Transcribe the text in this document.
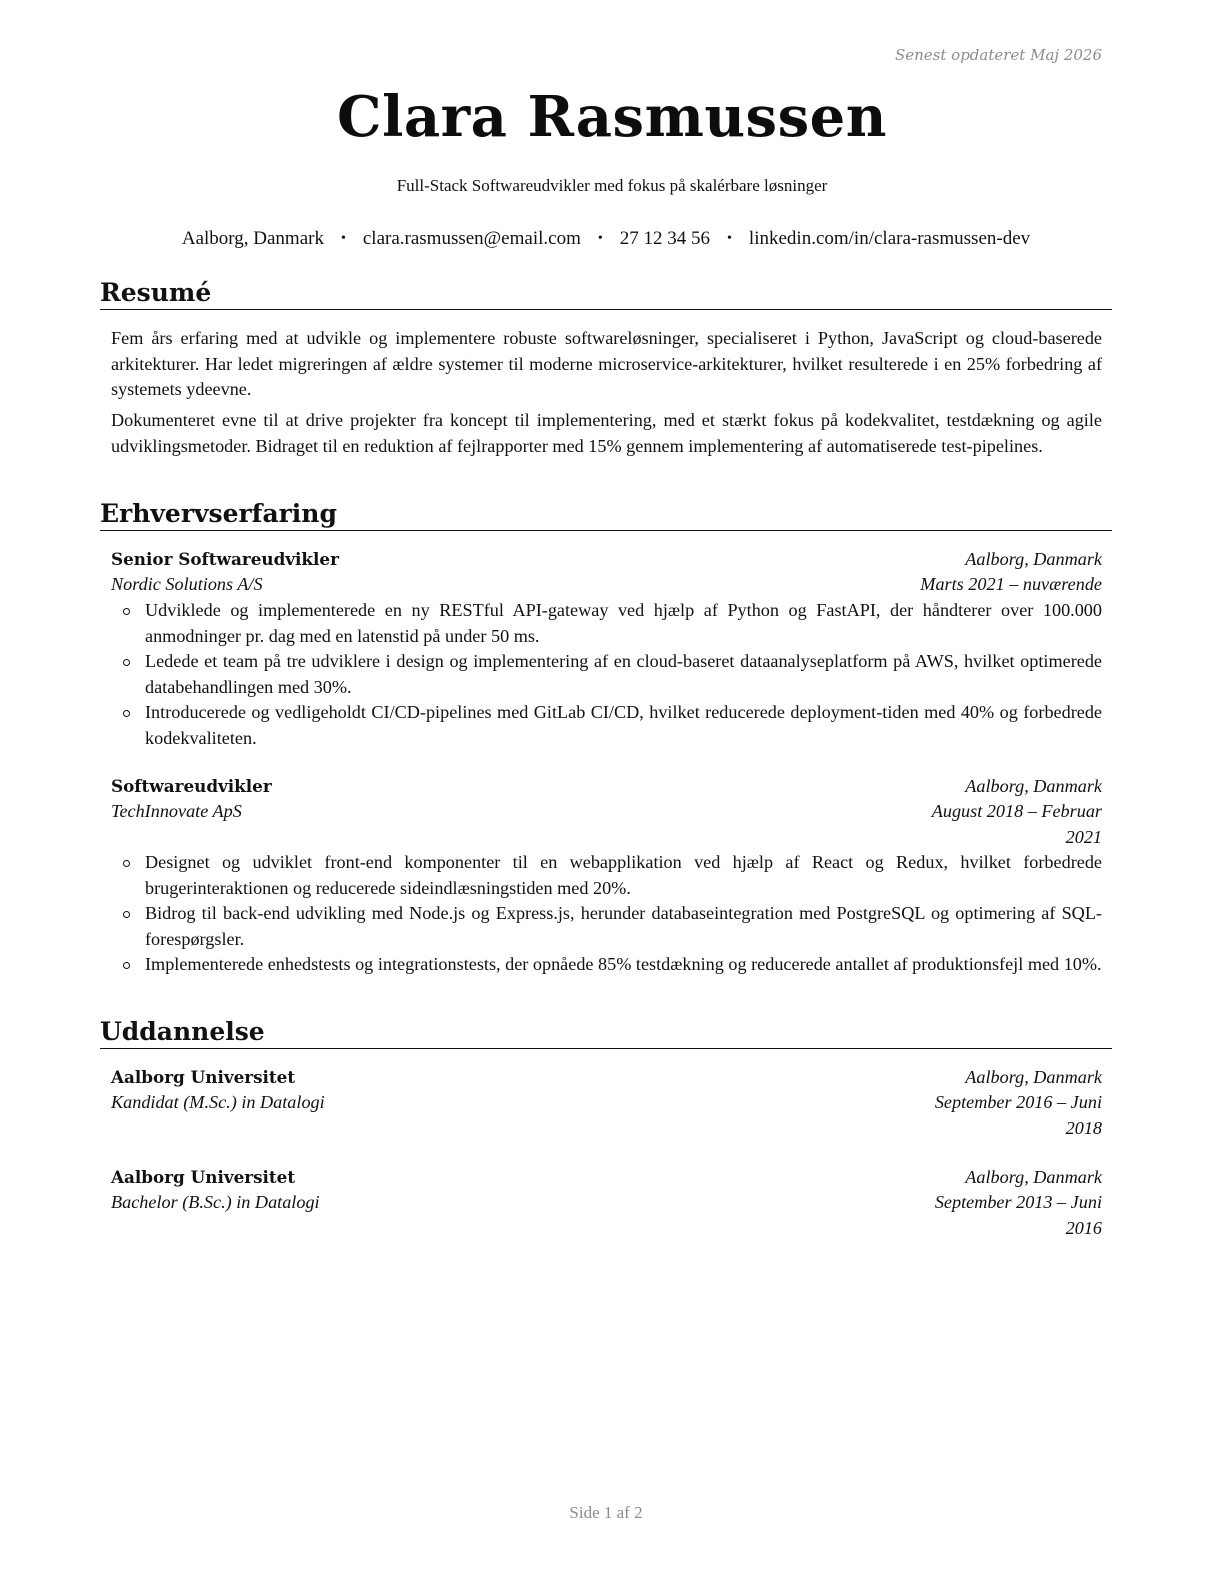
Senest opdateret Maj 2026
Clara Rasmussen
Full-Stack Softwareudvikler med fokus på skalérbare løsninger
Aalborg, Danmark • clara.rasmussen@email.com • 27 12 34 56 • linkedin.com/in/clara-rasmussen-dev
Resumé
Fem års erfaring med at udvikle og implementere robuste softwareløsninger, specialiseret i Python, JavaScript og cloud-baserede arkitekturer. Har ledet migreringen af ældre systemer til moderne microservice-arkitekturer, hvilket resulterede i en 25% forbedring af systemets ydeevne.
Dokumenteret evne til at drive projekter fra koncept til implementering, med et stærkt fokus på kodekvalitet, testdækning og agile udviklingsmetoder. Bidraget til en reduktion af fejlrapporter med 15% gennem implementering af automatiserede test-pipelines.
Erhvervserfaring
Senior Softwareudvikler	Aalborg, Danmark
Nordic Solutions A/S	Marts 2021 – nuværende
Udviklede og implementerede en ny RESTful API-gateway ved hjælp af Python og FastAPI, der håndterer over 100.000 anmodninger pr. dag med en latenstid på under 50 ms.
Ledede et team på tre udviklere i design og implementering af en cloud-baseret dataanalyseplatform på AWS, hvilket optimerede databehandlingen med 30%.
Introducerede og vedligeholdt CI/CD-pipelines med GitLab CI/CD, hvilket reducerede deployment-tiden med 40% og forbedrede kodekvaliteten.
Softwareudvikler	Aalborg, Danmark
TechInnovate ApS	August 2018 – Februar
2021
Designet og udviklet front-end komponenter til en webapplikation ved hjælp af React og Redux, hvilket forbedrede brugerinteraktionen og reducerede sideindlæsningstiden med 20%.
Bidrog til back-end udvikling med Node.js og Express.js, herunder databaseintegration med PostgreSQL og optimering af SQL-forespørgsler.
Implementerede enhedstests og integrationstests, der opnåede 85% testdækning og reducerede antallet af produktionsfejl med 10%.
Uddannelse
Aalborg Universitet	Aalborg, Danmark
Kandidat (M.Sc.) in Datalogi	September 2016 – Juni
2018
Aalborg Universitet	Aalborg, Danmark
Bachelor (B.Sc.) in Datalogi	September 2013 – Juni
2016
Side 1 af 2
